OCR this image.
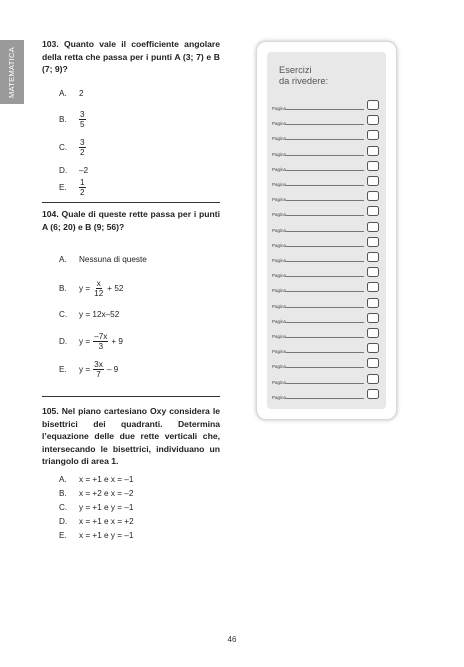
MATEMATICA
103. Quanto vale il coefficiente angolare della retta che passa per i punti A (3; 7) e B (7; 9)?
A.	2
B.	$\frac{3}{5}$
C.	$\frac{3}{2}$
D.	–2
E.	$\frac{1}{2}$
104. Quale di queste rette passa per i punti A (6; 20) e B (9; 56)?
A.	Nessuna di queste
B.	$y = \frac{x}{12} + 52$
C.	y = 12x–52
D.	$y = \frac{-7x}{3} + 9$
E.	$y = \frac{3x}{7} - 9$
105. Nel piano cartesiano Oxy considera le bisettrici dei quadranti. Determina l’equazione delle due rette verticali che, intersecando le bisettrici, individuano un triangolo di area 1.
A.	x = +1 e x = –1
B.	x = +2 e x = –2
C.	y = +1 e y = –1
D.	x = +1 e x = +2
E.	x = +1 e y = –1
Esercizi
da rivedere:
Pagina
Pagina
Pagina
Pagina
Pagina
Pagina
Pagina
Pagina
Pagina
Pagina
Pagina
Pagina
Pagina
Pagina
Pagina
Pagina
Pagina
Pagina
Pagina
Pagina
46
